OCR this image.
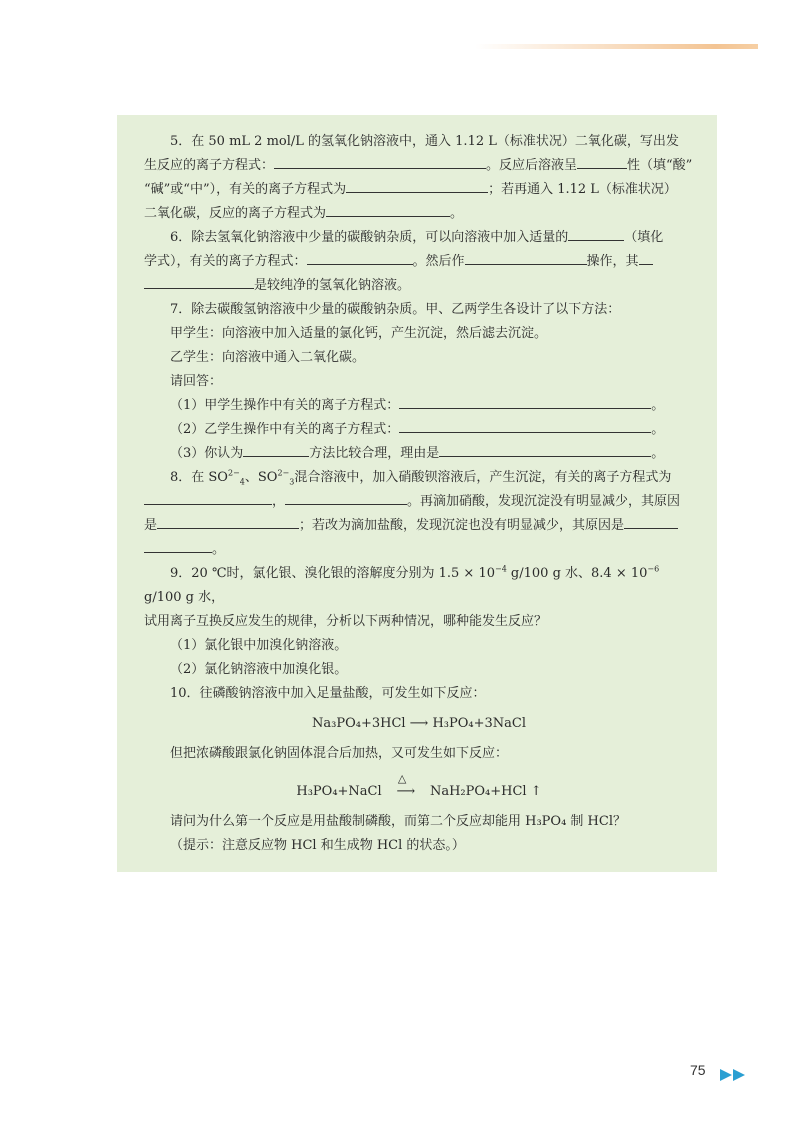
5．在 50 mL 2 mol/L 的氢氧化钠溶液中，通入 1.12 L（标准状况）二氧化碳，写出发

生反应的离子方程式：	。反应后溶液呈	性（填“酸”

“碱”或“中”），有关的离子方程式为	；若再通入 1.12 L（标准状况）

二氧化碳，反应的离子方程式为	。

6．除去氢氧化钠溶液中少量的碳酸钠杂质，可以向溶液中加入适量的	（填化

学式），有关的离子方程式：	。然后作	操作，其

是较纯净的氢氧化钠溶液。

7．除去碳酸氢钠溶液中少量的碳酸钠杂质。甲、乙两学生各设计了以下方法：

甲学生：向溶液中加入适量的氯化钙，产生沉淀，然后滤去沉淀。

乙学生：向溶液中通入二氧化碳。

请回答：

（1）甲学生操作中有关的离子方程式：	。

（2）乙学生操作中有关的离子方程式：	。

（3）你认为	方法比较合理，理由是	。

8．在 $SO^{2-}_4$、$SO^{2-}_3$混合溶液中，加入硝酸钡溶液后，产生沉淀，有关的离子方程式为

，	。再滴加硝酸，发现沉淀没有明显减少，其原因

是	；若改为滴加盐酸，发现沉淀也没有明显减少，其原因是

。

9．20 ℃时，氯化银、溴化银的溶解度分别为 $1.5 \times 10^{-4}$ g/100 g 水、$8.4 \times 10^{-6}$ g/100 g 水，

试用离子互换反应发生的规律，分析以下两种情况，哪种能发生反应？

（1）氯化银中加溴化钠溶液。

（2）氯化钠溶液中加溴化银。

10．往磷酸钠溶液中加入足量盐酸，可发生如下反应：

Na₃PO₄+3HCl ⟶ H₃PO₄+3NaCl

但把浓磷酸跟氯化钠固体混合后加热，又可发生如下反应：

H₃PO₄+NaCl
△
⟶ NaH₂PO₄+HCl ↑

请问为什么第一个反应是用盐酸制磷酸，而第二个反应却能用 H₃PO₄ 制 HCl？

（提示：注意反应物 HCl 和生成物 HCl 的状态。）

75
